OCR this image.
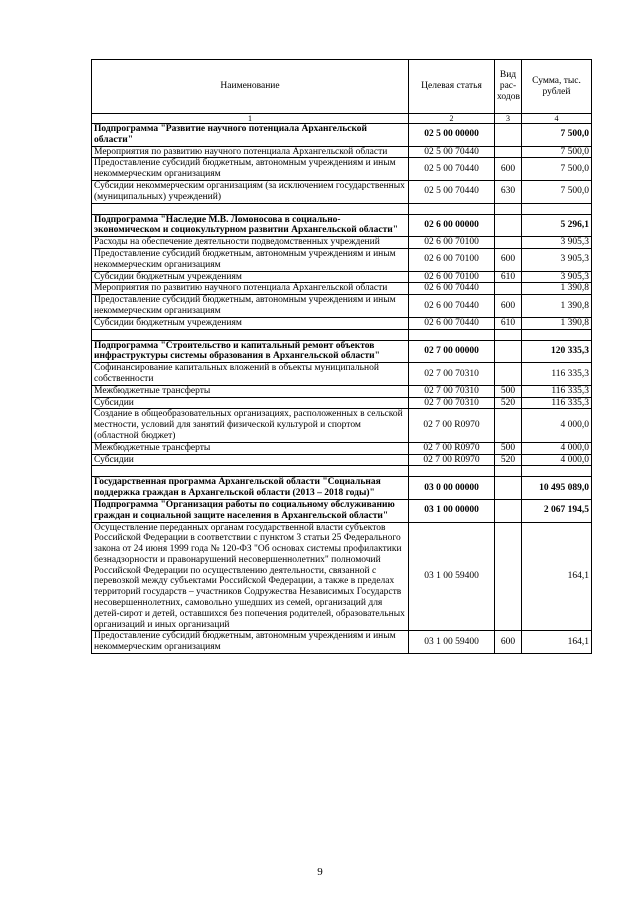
Наименование	Целевая статья	Вид рас-ходов	Сумма, тыс. рублей
1	2	3	4
Подпрограмма "Развитие научного потенциала Архангельской области"	02 5 00 00000		7 500,0
Мероприятия по развитию научного потенциала Архангельской области	02 5 00 70440		7 500,0
Предоставление субсидий бюджетным, автономным учреждениям и иным некоммерческим организациям	02 5 00 70440	600	7 500,0
Субсидии некоммерческим организациям (за исключением государственных (муниципальных) учреждений)	02 5 00 70440	630	7 500,0

Подпрограмма "Наследие М.В. Ломоносова в социально-экономическом и социокультурном развитии Архангельской области"	02 6 00 00000		5 296,1
Расходы на обеспечение деятельности подведомственных учреждений	02 6 00 70100		3 905,3
Предоставление субсидий бюджетным, автономным учреждениям и иным некоммерческим организациям	02 6 00 70100	600	3 905,3
Субсидии бюджетным учреждениям	02 6 00 70100	610	3 905,3
Мероприятия по развитию научного потенциала Архангельской области	02 6 00 70440		1 390,8
Предоставление субсидий бюджетным, автономным учреждениям и иным некоммерческим организациям	02 6 00 70440	600	1 390,8
Субсидии бюджетным учреждениям	02 6 00 70440	610	1 390,8

Подпрограмма "Строительство и капитальный ремонт объектов инфраструктуры системы образования в Архангельской области"	02 7 00 00000		120 335,3
Софинансирование капитальных вложений в объекты муниципальной собственности	02 7 00 70310		116 335,3
Межбюджетные трансферты	02 7 00 70310	500	116 335,3
Субсидии	02 7 00 70310	520	116 335,3
Создание в общеобразовательных организациях, расположенных в сельской местности, условий для занятий физической культурой и спортом (областной бюджет)	02 7 00 R0970		4 000,0
Межбюджетные трансферты	02 7 00 R0970	500	4 000,0
Субсидии	02 7 00 R0970	520	4 000,0

Государственная программа Архангельской области "Социальная поддержка граждан в Архангельской области (2013 – 2018 годы)"	03 0 00 00000		10 495 089,0
Подпрограмма "Организация работы по социальному обслуживанию граждан и социальной защите населения в Архангельской области"	03 1 00 00000		2 067 194,5
Осуществление переданных органам государственной власти субъектов Российской Федерации в соответствии с пунктом 3 статьи 25 Федерального закона от 24 июня 1999 года № 120-ФЗ "Об основах системы профилактики безнадзорности и правонарушений несовершеннолетних" полномочий Российской Федерации по осуществлению деятельности, связанной с перевозкой между субъектами Российской Федерации, а также в пределах территорий государств – участников Содружества Независимых Государств несовершеннолетних, самовольно ушедших из семей, организаций для детей-сирот и детей, оставшихся без попечения родителей, образовательных организаций и иных организаций	03 1 00 59400		164,1
Предоставление субсидий бюджетным, автономным учреждениям и иным некоммерческим организациям	03 1 00 59400	600	164,1
9
